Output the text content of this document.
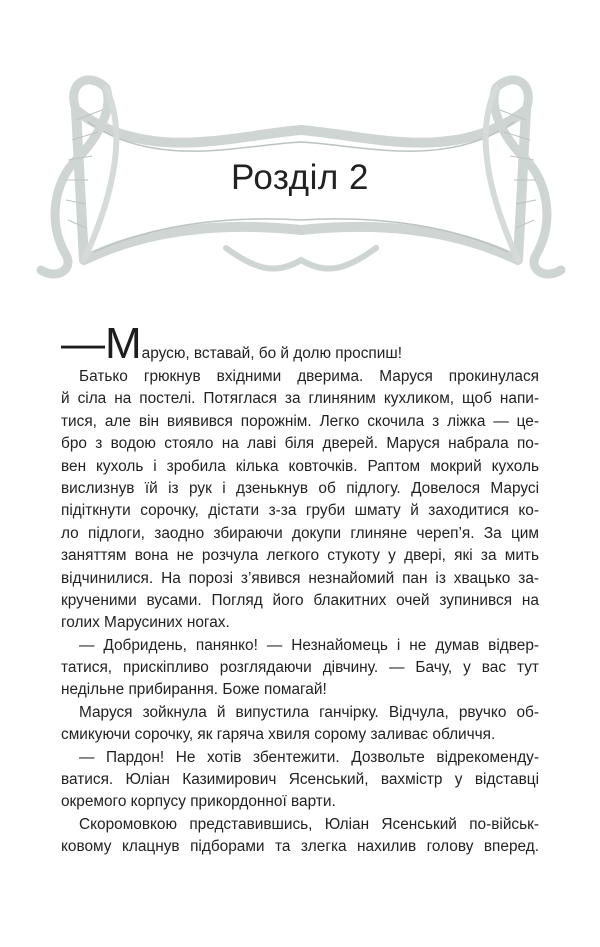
Розділ 2
—Марусю, вставай, бо й долю проспиш!
Батько грюкнув вхідними дверима. Маруся прокинулася
й сіла на постелі. Потяглася за глиняним кухликом, щоб напи-
тися, але він виявився порожнім. Легко скочила з ліжка — це-
бро з водою стояло на лаві біля дверей. Маруся набрала по-
вен кухоль і зробила кілька ковточків. Раптом мокрий кухоль
вислизнув їй із рук і дзенькнув об підлогу. Довелося Марусі
підіткнути сорочку, дістати з-за груби шмату й заходитися ко-
ло підлоги, заодно збираючи докупи глиняне череп’я. За цим
заняттям вона не розчула легкого стукоту у двері, які за мить
відчинилися. На порозі з’явився незнайомий пан із хвацько за-
крученими вусами. Погляд його блакитних очей зупинився на
голих Марусиних ногах.
— Добридень, панянко! — Незнайомець і не думав відвер-
татися, прискіпливо розглядаючи дівчину. — Бачу, у вас тут
недільне прибирання. Боже помагай!
Маруся зойкнула й випустила ганчірку. Відчула, рвучко об-
смикуючи сорочку, як гаряча хвиля сорому заливає обличчя.
— Пардон! Не хотів збентежити. Дозвольте відрекоменду-
ватися. Юліан Казимирович Ясенський, вахмістр у відставці
окремого корпусу прикордонної варти.
Скоромовкою представившись, Юліан Ясенський по-військ-
ковому клацнув підборами та злегка нахилив голову вперед.
